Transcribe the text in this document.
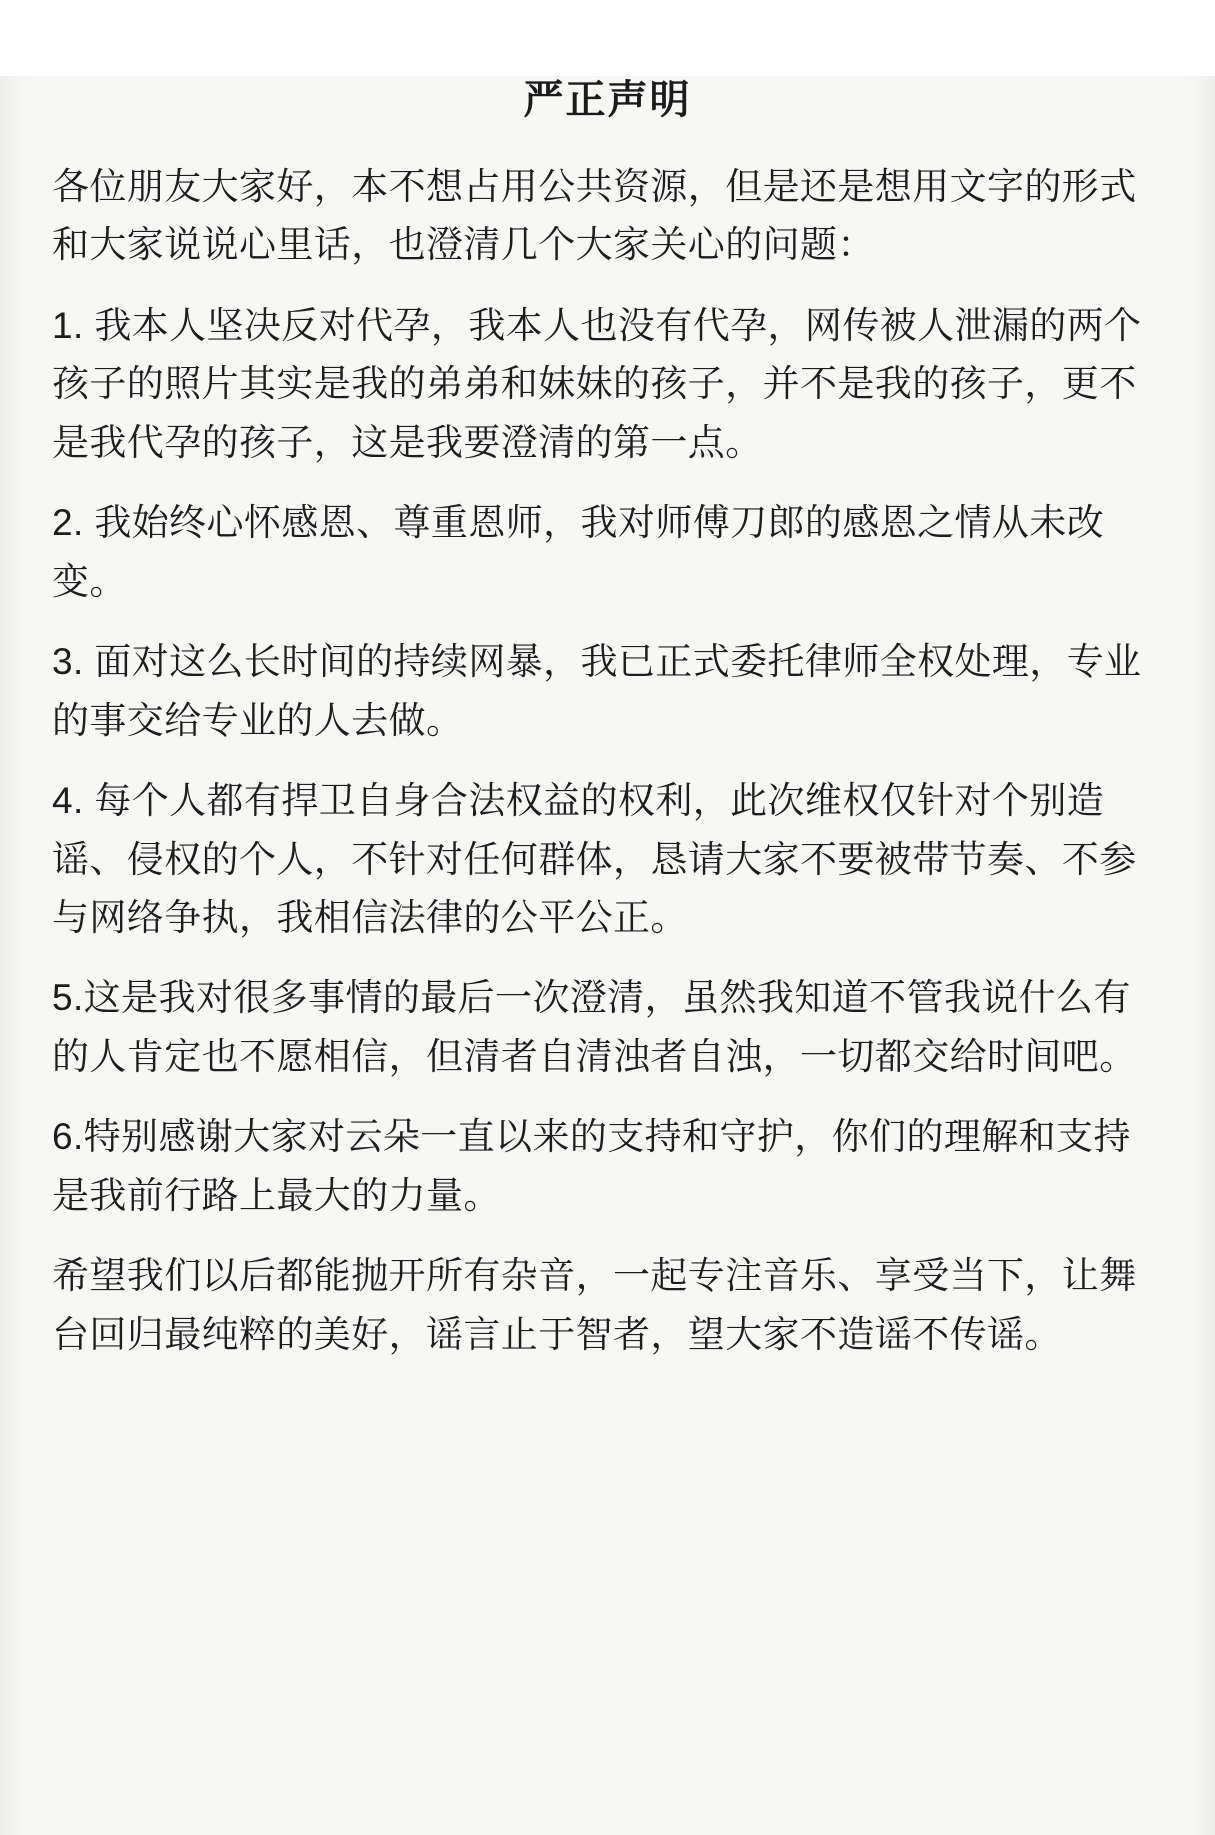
严正声明

各位朋友大家好，本不想占用公共资源，但是还是想用文字的形式和大家说说心里话，也澄清几个大家关心的问题：

1. 我本人坚决反对代孕，我本人也没有代孕，网传被人泄漏的两个孩子的照片其实是我的弟弟和妹妹的孩子，并不是我的孩子，更不是我代孕的孩子，这是我要澄清的第一点。

2. 我始终心怀感恩、尊重恩师，我对师傅刀郎的感恩之情从未改变。

3. 面对这么长时间的持续网暴，我已正式委托律师全权处理，专业的事交给专业的人去做。

4. 每个人都有捍卫自身合法权益的权利，此次维权仅针对个别造谣、侵权的个人，不针对任何群体，恳请大家不要被带节奏、不参与网络争执，我相信法律的公平公正。

5.这是我对很多事情的最后一次澄清，虽然我知道不管我说什么有的人肯定也不愿相信，但清者自清浊者自浊，一切都交给时间吧。

6.特别感谢大家对云朵一直以来的支持和守护，你们的理解和支持是我前行路上最大的力量。

希望我们以后都能抛开所有杂音，一起专注音乐、享受当下，让舞台回归最纯粹的美好，谣言止于智者，望大家不造谣不传谣。
